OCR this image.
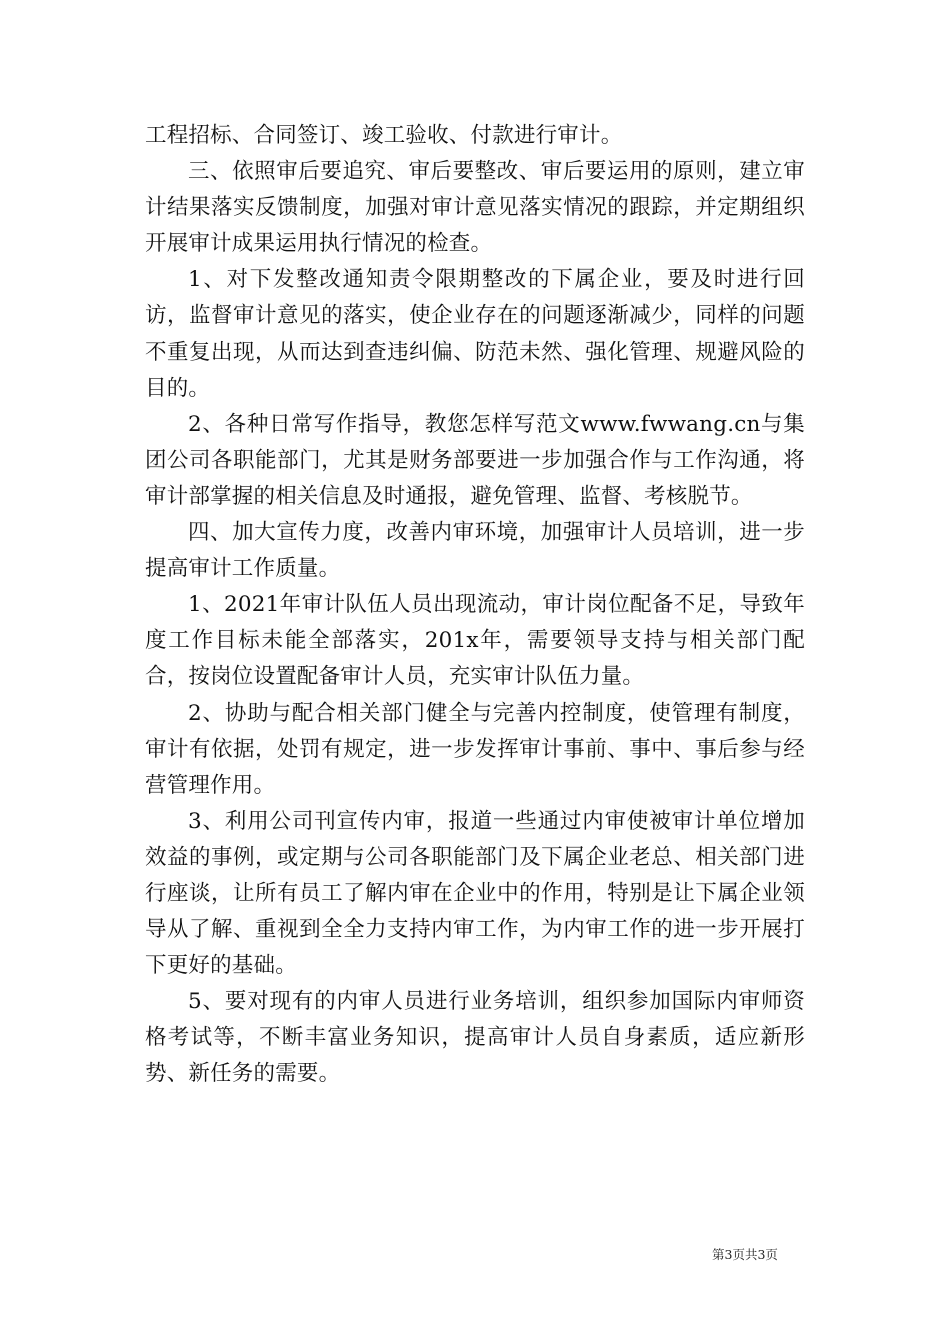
工程招标、合同签订、竣工验收、付款进行审计。

三、依照审后要追究、审后要整改、审后要运用的原则，建立审计结果落实反馈制度，加强对审计意见落实情况的跟踪，并定期组织开展审计成果运用执行情况的检查。

1、对下发整改通知责令限期整改的下属企业，要及时进行回访，监督审计意见的落实，使企业存在的问题逐渐减少，同样的问题不重复出现，从而达到查违纠偏、防范未然、强化管理、规避风险的目的。

2、各种日常写作指导，教您怎样写范文www.fwwang.cn与集团公司各职能部门，尤其是财务部要进一步加强合作与工作沟通，将审计部掌握的相关信息及时通报，避免管理、监督、考核脱节。

四、加大宣传力度，改善内审环境，加强审计人员培训，进一步提高审计工作质量。

1、2021年审计队伍人员出现流动，审计岗位配备不足，导致年度工作目标未能全部落实，201x年，需要领导支持与相关部门配合，按岗位设置配备审计人员，充实审计队伍力量。

2、协助与配合相关部门健全与完善内控制度，使管理有制度，审计有依据，处罚有规定，进一步发挥审计事前、事中、事后参与经营管理作用。

3、利用公司刊宣传内审，报道一些通过内审使被审计单位增加效益的事例，或定期与公司各职能部门及下属企业老总、相关部门进行座谈，让所有员工了解内审在企业中的作用，特别是让下属企业领导从了解、重视到全全力支持内审工作，为内审工作的进一步开展打下更好的基础。

5、要对现有的内审人员进行业务培训，组织参加国际内审师资格考试等，不断丰富业务知识，提高审计人员自身素质，适应新形势、新任务的需要。

第3页共3页
